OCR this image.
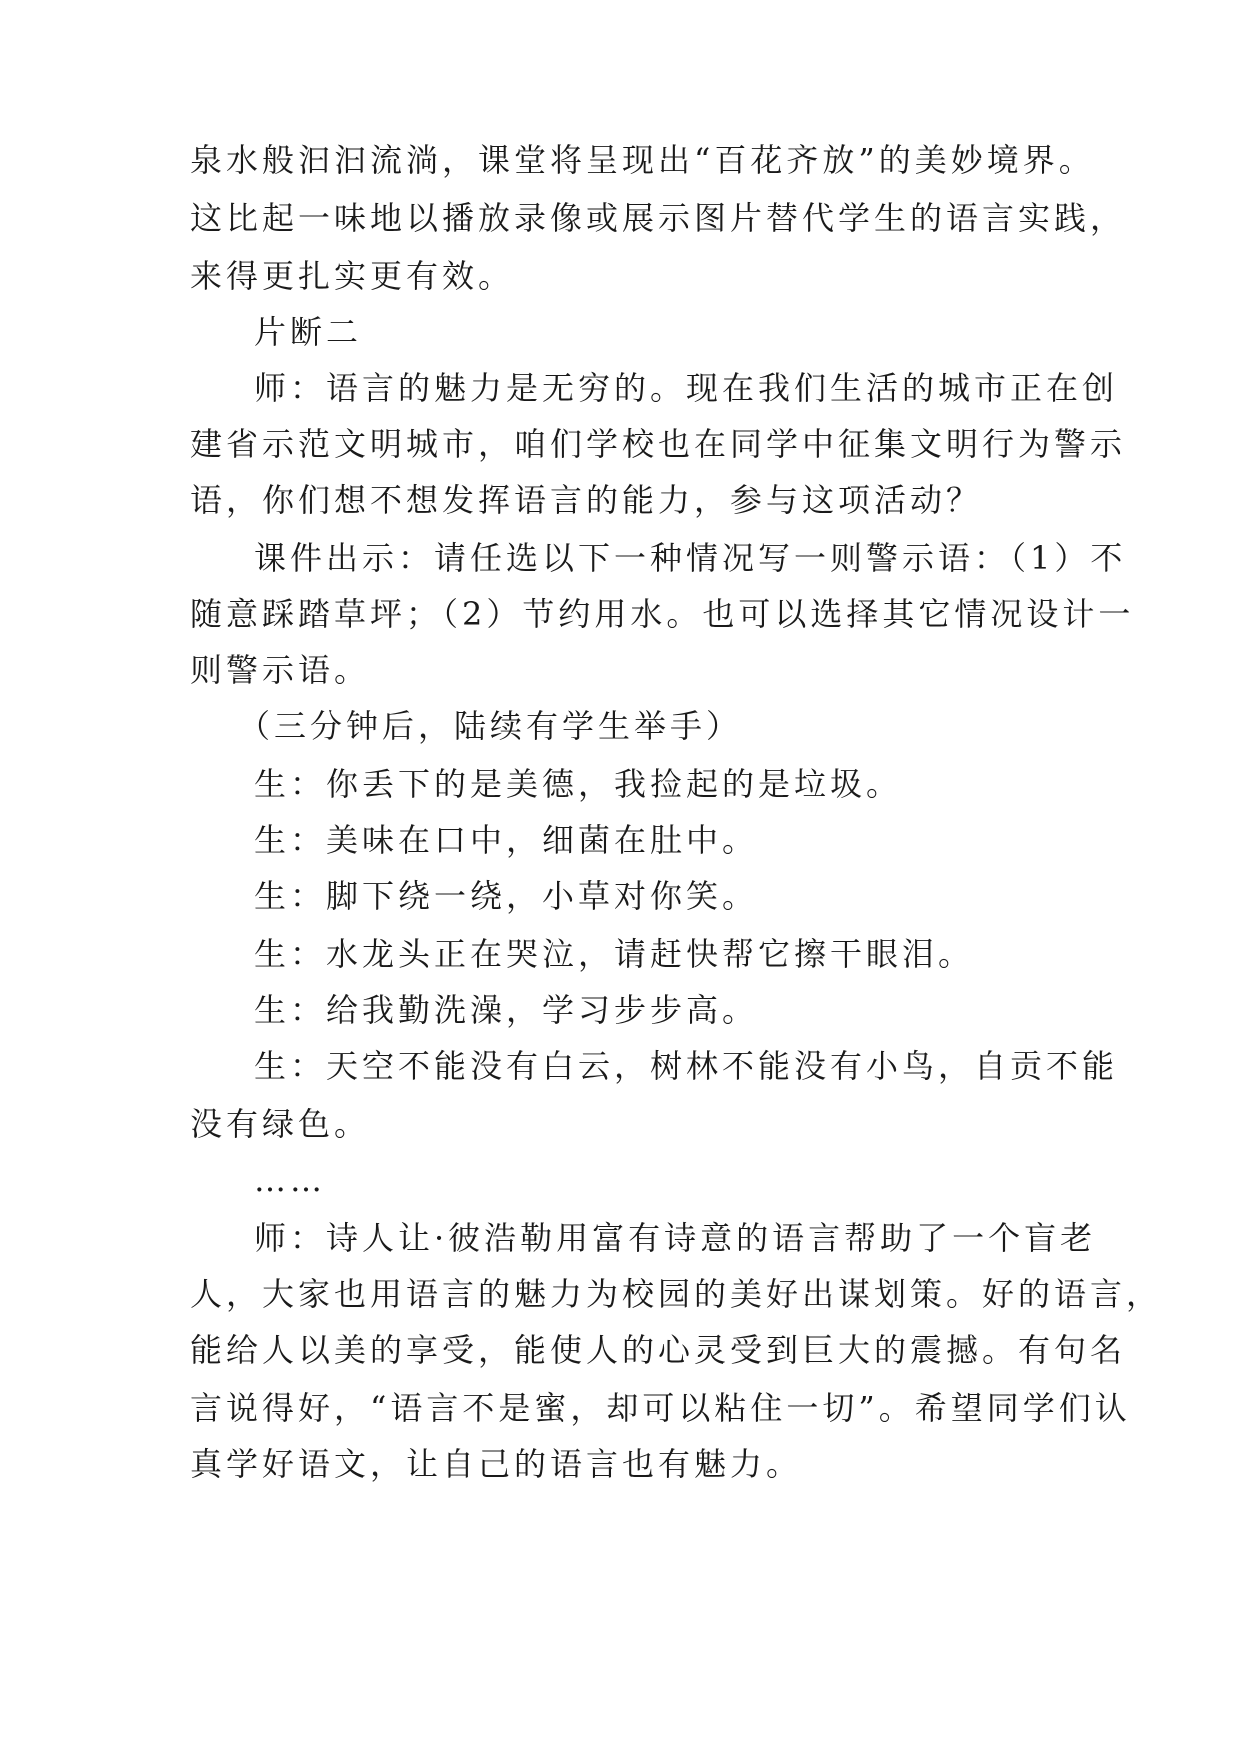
泉水般汩汩流淌，课堂将呈现出“百花齐放”的美妙境界。
这比起一味地以播放录像或展示图片替代学生的语言实践，
来得更扎实更有效。
片断二
师：语言的魅力是无穷的。现在我们生活的城市正在创
建省示范文明城市，咱们学校也在同学中征集文明行为警示
语，你们想不想发挥语言的能力，参与这项活动？
课件出示：请任选以下一种情况写一则警示语：（1）不
随意踩踏草坪；（2）节约用水。也可以选择其它情况设计一
则警示语。
（三分钟后，陆续有学生举手）
生：你丢下的是美德，我捡起的是垃圾。
生：美味在口中，细菌在肚中。
生：脚下绕一绕，小草对你笑。
生：水龙头正在哭泣，请赶快帮它擦干眼泪。
生：给我勤洗澡，学习步步高。
生：天空不能没有白云，树林不能没有小鸟，自贡不能
没有绿色。
……
师：诗人让·彼浩勒用富有诗意的语言帮助了一个盲老
人，大家也用语言的魅力为校园的美好出谋划策。好的语言，
能给人以美的享受，能使人的心灵受到巨大的震撼。有句名
言说得好，“语言不是蜜，却可以粘住一切”。希望同学们认
真学好语文，让自己的语言也有魅力。
